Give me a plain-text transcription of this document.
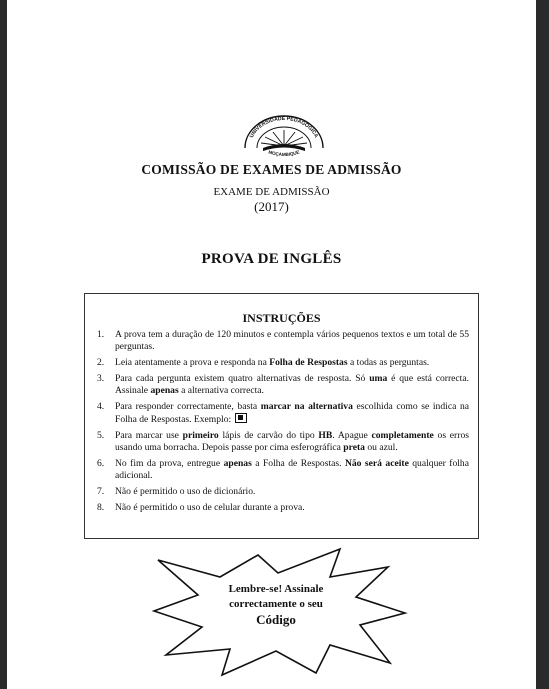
UNIVERSIDADE PEDAGÓGICA
MOÇAMBIQUE
COMISSÃO DE EXAMES DE ADMISSÃO
EXAME DE ADMISSÃO
(2017)
PROVA DE INGLÊS
INSTRUÇÕES
1.	A prova tem a duração de 120 minutos e contempla vários pequenos textos e um total de 55 perguntas.
2.	Leia atentamente a prova e responda na Folha de Respostas a todas as perguntas.
3.	Para cada pergunta existem quatro alternativas de resposta. Só uma é que está correcta. Assinale apenas a alternativa correcta.
4.	Para responder correctamente, basta marcar na alternativa escolhida como se indica na Folha de Respostas. Exemplo:
5.	Para marcar use primeiro lápis de carvão do tipo HB. Apague completamente os erros usando uma borracha. Depois passe por cima esferográfica preta ou azul.
6.	No fim da prova, entregue apenas a Folha de Respostas. Não será aceite qualquer folha adicional.
7.	Não é permitido o uso de dicionário.
8.	Não é permitido o uso de celular durante a prova.
Lembre-se! Assinale
correctamente o seu
Código
